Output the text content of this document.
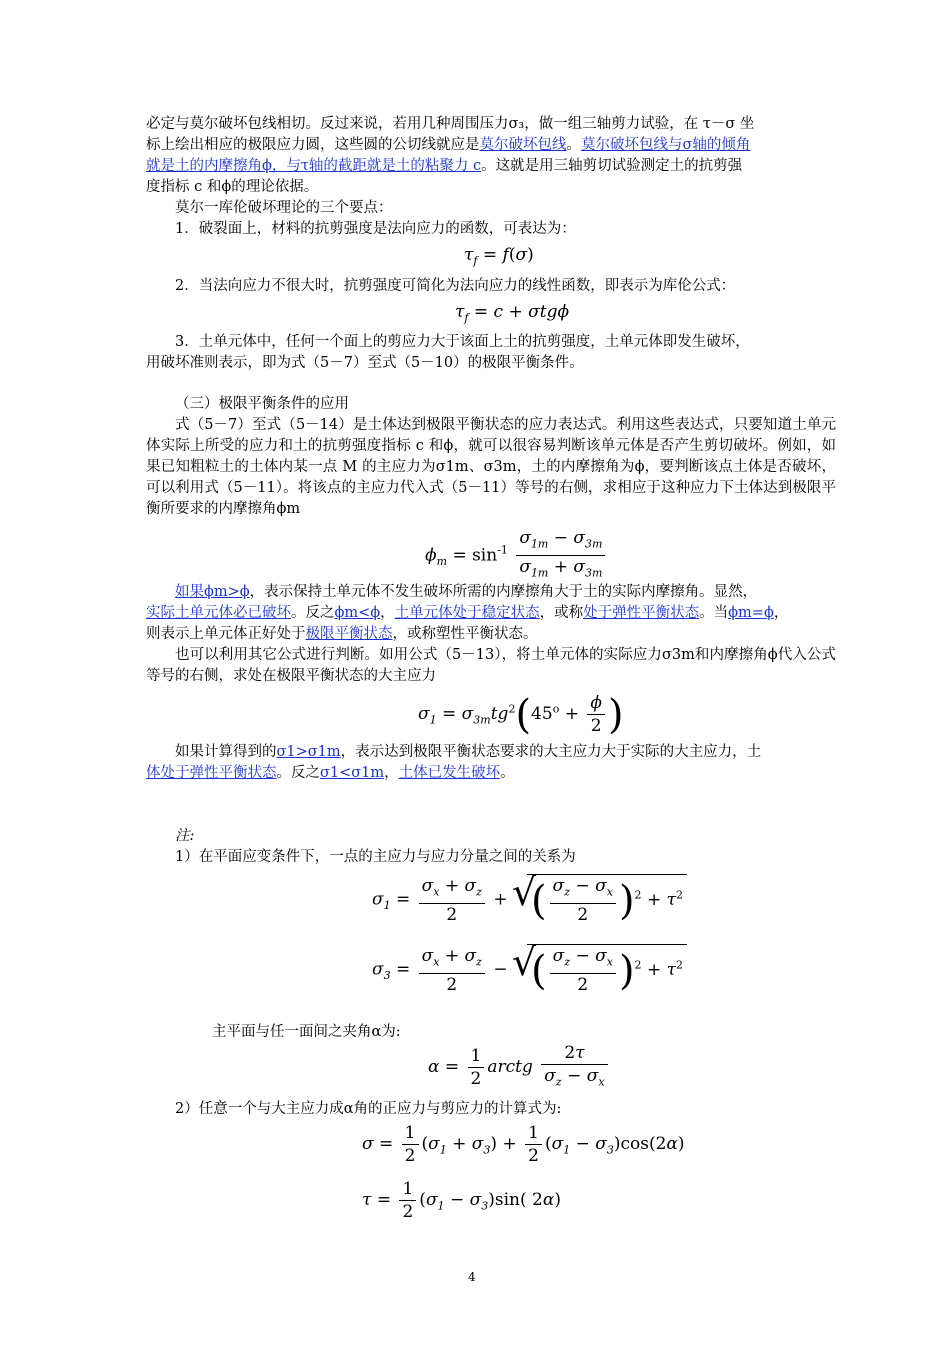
必定与莫尔破坏包线相切。反过来说，若用几种周围压力σ₃，做一组三轴剪力试验，在 τ－σ 坐
标上绘出相应的极限应力圆，这些圆的公切线就应是莫尔破坏包线。莫尔破坏包线与σ轴的倾角
就是土的内摩擦角ϕ，与τ轴的截距就是土的粘聚力 c。这就是用三轴剪切试验测定土的抗剪强
度指标 c 和ϕ的理论依据。

莫尔一库伦破坏理论的三个要点：

1．破裂面上，材料的抗剪强度是法向应力的函数，可表达为：

$\tau_f = f(\sigma)$

2．当法向应力不很大时，抗剪强度可简化为法向应力的线性函数，即表示为库伦公式：

$\tau_f = c + \sigma tg\phi$

3．土单元体中，任何一个面上的剪应力大于该面上土的抗剪强度，土单元体即发生破坏，
用破坏准则表示，即为式（5－7）至式（5－10）的极限平衡条件。

（三）极限平衡条件的应用

式（5－7）至式（5－14）是土体达到极限平衡状态的应力表达式。利用这些表达式，只要知道土单元体实际上所受的应力和土的抗剪强度指标 c 和ϕ，就可以很容易判断该单元体是否产生剪切破坏。例如，如果已知粗粒土的土体内某一点 M 的主应力为σ1m、σ3m，土的内摩擦角为ϕ，要判断该点土体是否破坏，可以利用式（5－11）。将该点的主应力代入式（5－11）等号的右侧，求相应于这种应力下土体达到极限平衡所要求的内摩擦角ϕm

$\phi_m = \sin^{-1} \frac{\sigma_{1m} - \sigma_{3m}}{\sigma_{1m} + \sigma_{3m}}$

如果ϕm>ϕ，表示保持土单元体不发生破坏所需的内摩擦角大于土的实际内摩擦角。显然，
实际土单元体必已破坏。反之ϕm<ϕ，土单元体处于稳定状态，或称处于弹性平衡状态。当ϕm=ϕ，
则表示上单元体正好处于极限平衡状态，或称塑性平衡状态。

也可以利用其它公式进行判断。如用公式（5－13），将土单元体的实际应力σ3m和内摩擦角ϕ代入公式等号的右侧，求处在极限平衡状态的大主应力

$\sigma_1 = \sigma_{3m}tg^2(45^o + \frac{\phi}{2}$ )

如果计算得到的σ1>σ1m，表示达到极限平衡状态要求的大主应力大于实际的大主应力，土
体处于弹性平衡状态。反之σ1<σ1m，土体已发生破坏。

注:

1）在平面应变条件下，一点的主应力与应力分量之间的关系为

$\sigma_1 = \frac{\sigma_x + \sigma_z}{2}$ + √ ( $\frac{\sigma_z - \sigma_x}{2} )^2 + \tau^2$
$\sigma_3 = \frac{\sigma_x + \sigma_z}{2}$ − √ ( $\frac{\sigma_z - \sigma_x}{2} )^2 + \tau^2$

主平面与任一面间之夹角α为:

$\alpha = \frac{1}{2}$ arctg $\frac{2\tau}{\sigma_z - \sigma_x}$

2）任意一个与大主应力成α角的正应力与剪应力的计算式为:

$\sigma = \frac{1}{2} (\sigma_1 + \sigma_3) + \frac{1}{2} (\sigma_1 - \sigma_3)\cos(2\alpha)$
$\tau = \frac{1}{2} (\sigma_1 - \sigma_3)\sin$( 2α)
4
